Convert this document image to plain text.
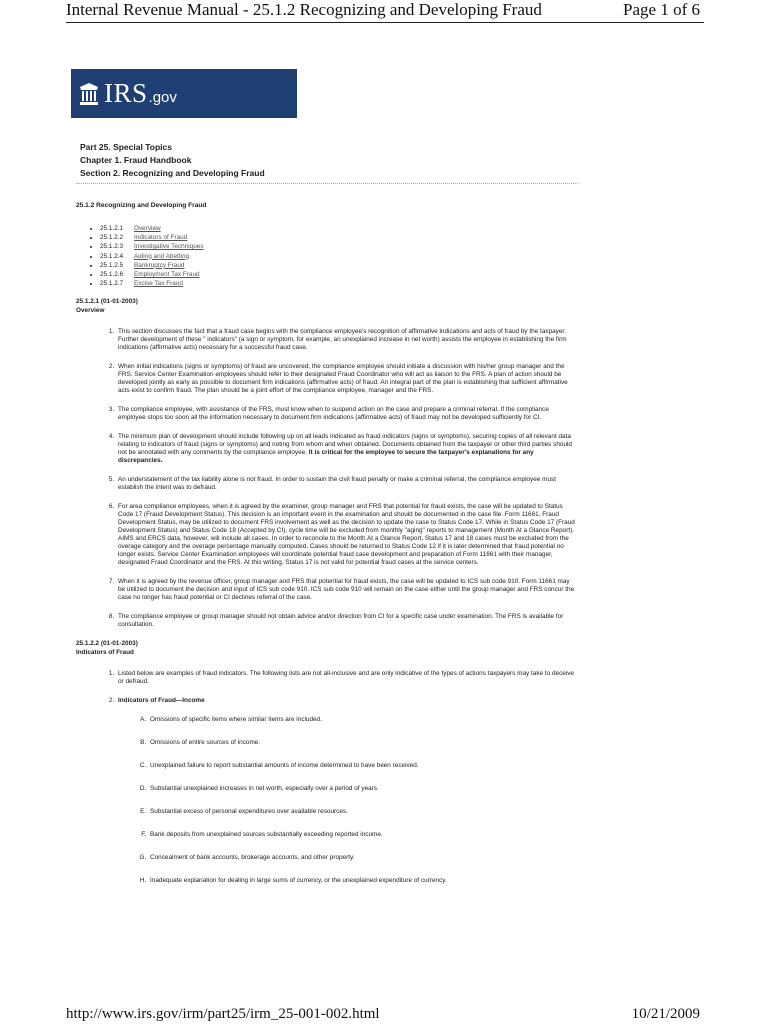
Internal Revenue Manual - 25.1.2 Recognizing and Developing Fraud	Page 1 of 6
IRS .gov
Part 25. Special Topics
Chapter 1. Fraud Handbook
Section 2. Recognizing and Developing Fraud
25.1.2 Recognizing and Developing Fraud
• 25.1.2.1 Overview
• 25.1.2.2 Indicators of Fraud
• 25.1.2.3 Investigative Techniques
• 25.1.2.4 Aiding and Abetting
• 25.1.2.5 Bankruptcy Fraud
• 25.1.2.6 Employment Tax Fraud
• 25.1.2.7 Excise Tax Fraud
25.1.2.1 (01-01-2003)
Overview
1. This section discusses the fact that a fraud case begins with the compliance employee's recognition of affirmative indications and acts of fraud by the taxpayer. Further development of these " indicators" (a sign or symptom, for example, an unexplained increase in net worth) assists the employee in establishing the firm indications (affirmative acts) necessary for a successful fraud case.
2. When initial indications (signs or symptoms) of fraud are uncovered, the compliance employee should initiate a discussion with his/her group manager and the FRS. Service Center Examination employees should refer to their designated Fraud Coordinator who will act as liaison to the FRS. A plan of action should be developed jointly as early as possible to document firm indications (affirmative acts) of fraud. An integral part of the plan is establishing that sufficient affirmative acts exist to confirm fraud. The plan should be a joint effort of the compliance employee, manager and the FRS.
3. The compliance employee, with assistance of the FRS, must know when to suspend action on the case and prepare a criminal referral. If the compliance employee stops too soon all the information necessary to document firm indications (affirmative acts) of fraud may not be developed sufficiently for CI.
4. The minimum plan of development should include following up on all leads indicated as fraud indicators (signs or symptoms), securing copies of all relevant data relating to indicators of fraud (signs or symptoms) and noting from whom and when obtained. Documents obtained from the taxpayer or other third parties should not be annotated with any comments by the compliance employee. It is critical for the employee to secure the taxpayer's explanations for any discrepancies.
5. An understatement of the tax liability alone is not fraud. In order to sustain the civil fraud penalty or make a criminal referral, the compliance employee must establish the intent was to defraud.
6. For area compliance employees, when it is agreed by the examiner, group manager and FRS that potential for fraud exists, the case will be updated to Status Code 17 (Fraud Development Status). This decision is an important event in the examination and should be documented in the case file. Form 11661, Fraud Development Status, may be utilized to document FRS involvement as well as the decision to update the case to Status Code 17. While in Status Code 17 (Fraud Development Status) and Status Code 18 (Accepted by CI), cycle time will be excluded from monthly "aging" reports to management (Month At a Glance Report). AIMS and ERCS data, however, will include all cases. In order to reconcile to the Month At a Glance Report, Status 17 and 18 cases must be excluded from the overage category and the overage percentage manually computed. Cases should be returned to Status Code 12 if it is later determined that fraud potential no longer exists. Service Center Examination employees will coordinate potential fraud case development and preparation of Form 11661 with their manager, designated Fraud Coordinator and the FRS. At this writing, Status 17 is not valid for potential fraud cases at the service centers.
7. When it is agreed by the revenue officer, group manager and FRS that potential for fraud exists, the case will be updated to ICS sub code 910. Form 11661 may be utilized to document the decision and input of ICS sub code 910. ICS sub code 910 will remain on the case either until the group manager and FRS concur the case no longer has fraud potential or CI declines referral of the case.
8. The compliance employee or group manager should not obtain advice and/or direction from CI for a specific case under examination. The FRS is available for consultation.
25.1.2.2 (01-01-2003)
Indicators of Fraud
1. Listed below are examples of fraud indicators. The following lists are not all-inclusive and are only indicative of the types of actions taxpayers may take to deceive or defraud.
2. Indicators of Fraud—Income
A. Omissions of specific items where similar items are included.
B. Omissions of entire sources of income.
C. Unexplained failure to report substantial amounts of income determined to have been received.
D. Substantial unexplained increases in net worth, especially over a period of years.
E. Substantial excess of personal expenditures over available resources.
F. Bank deposits from unexplained sources substantially exceeding reported income.
G. Concealment of bank accounts, brokerage accounts, and other property.
H. Inadequate explanation for dealing in large sums of currency, or the unexplained expenditure of currency.
http://www.irs.gov/irm/part25/irm_25-001-002.html	10/21/2009
